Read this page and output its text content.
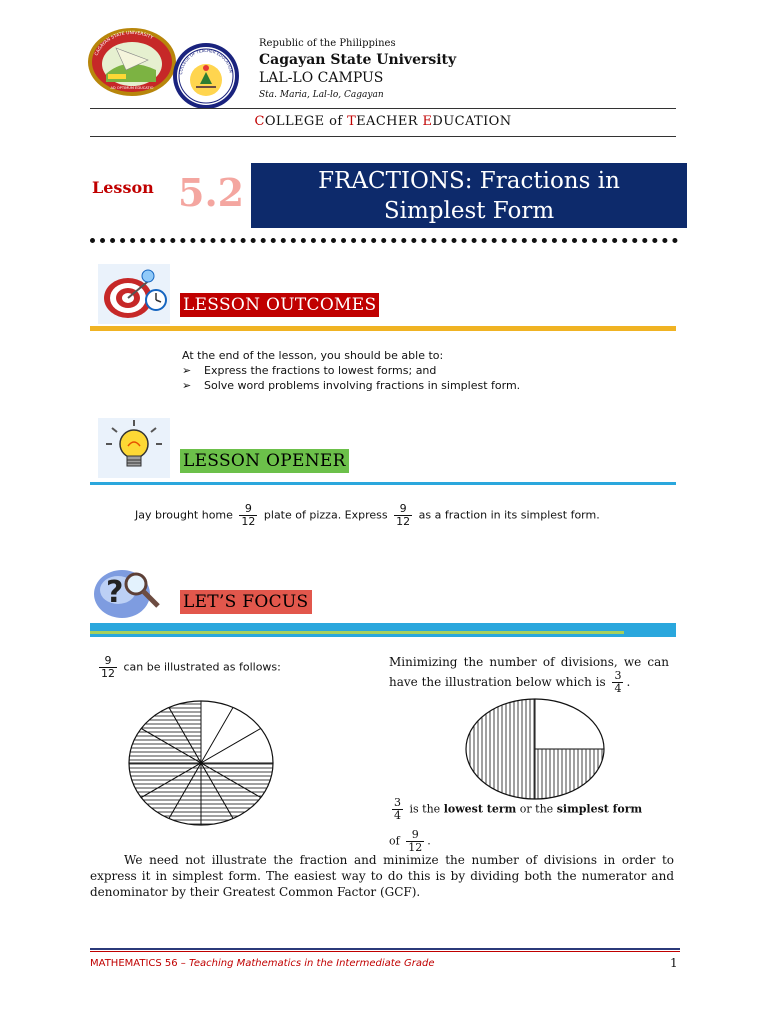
CAGAYAN STATE UNIVERSITY
AD OPTIMUM EDUCATIO
COLLEGE OF TEACHER EDUCATION
Republic of the Philippines
Cagayan State University
LAL-LO CAMPUS
Sta. Maria, Lal-lo, Cagayan
COLLEGE of TEACHER EDUCATION
Lesson 5.2	FRACTIONS: Fractions in
Simplest Form
LESSON OUTCOMES
At the end of the lesson, you should be able to:
➢ Express the fractions to lowest forms; and
➢ Solve word problems involving fractions in simplest form.
LESSON OPENER
Jay brought home $\frac{9}{12}$ plate of pizza. Express $\frac{9}{12}$ as a fraction in its simplest form.
?	LET’S FOCUS
$\frac{9}{12}$ can be illustrated as follows:	Minimizing the number of divisions, we can have the illustration below which is $\frac{3}{4}$ .
$\frac{3}{4}$ is the lowest term or the simplest form
of $\frac{9}{12}$ .
We need not illustrate the fraction and minimize the number of divisions in order to express it in simplest form. The easiest way to do this is by dividing both the numerator and denominator by their Greatest Common Factor (GCF).
MATHEMATICS 56 – Teaching Mathematics in the Intermediate Grade	1
